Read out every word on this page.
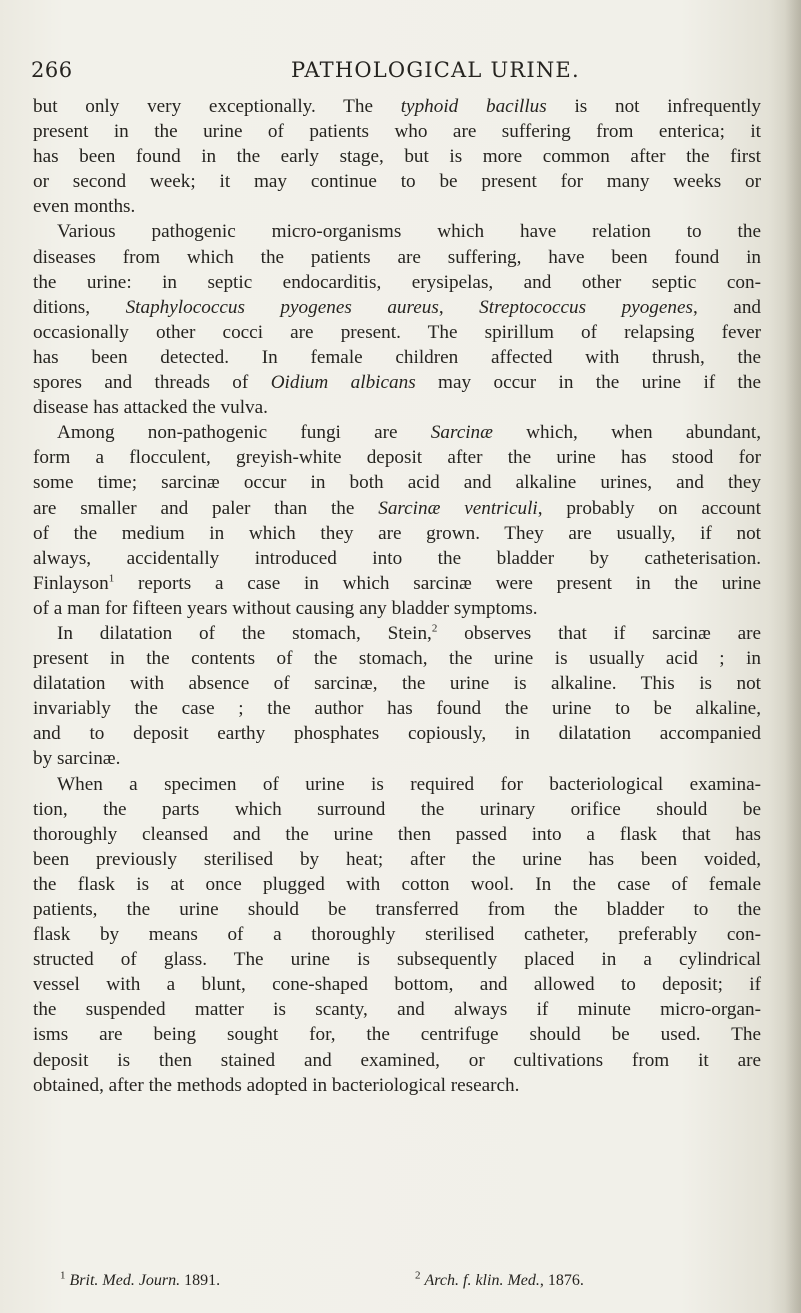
266	PATHOLOGICAL URINE.

but only very exceptionally. The typhoid bacillus is not infrequently
present in the urine of patients who are suffering from enterica; it
has been found in the early stage, but is more common after the first
or second week; it may continue to be present for many weeks or
even months.

Various pathogenic micro-organisms which have relation to the
diseases from which the patients are suffering, have been found in
the urine: in septic endocarditis, erysipelas, and other septic con-
ditions, Staphylococcus pyogenes aureus, Streptococcus pyogenes, and
occasionally other cocci are present. The spirillum of relapsing fever
has been detected. In female children affected with thrush, the
spores and threads of Oidium albicans may occur in the urine if the
disease has attacked the vulva.

Among non-pathogenic fungi are Sarcinæ which, when abundant,
form a flocculent, greyish-white deposit after the urine has stood for
some time; sarcinæ occur in both acid and alkaline urines, and they
are smaller and paler than the Sarcinæ ventriculi, probably on account
of the medium in which they are grown. They are usually, if not
always, accidentally introduced into the bladder by catheterisation.
Finlayson$^1$ reports a case in which sarcinæ were present in the urine
of a man for fifteen years without causing any bladder symptoms.

In dilatation of the stomach, Stein,$^2$ observes that if sarcinæ are
present in the contents of the stomach, the urine is usually acid ; in
dilatation with absence of sarcinæ, the urine is alkaline. This is not
invariably the case ; the author has found the urine to be alkaline,
and to deposit earthy phosphates copiously, in dilatation accompanied
by sarcinæ.

When a specimen of urine is required for bacteriological examina-
tion, the parts which surround the urinary orifice should be
thoroughly cleansed and the urine then passed into a flask that has
been previously sterilised by heat; after the urine has been voided,
the flask is at once plugged with cotton wool. In the case of female
patients, the urine should be transferred from the bladder to the
flask by means of a thoroughly sterilised catheter, preferably con-
structed of glass. The urine is subsequently placed in a cylindrical
vessel with a blunt, cone-shaped bottom, and allowed to deposit; if
the suspended matter is scanty, and always if minute micro-organ-
isms are being sought for, the centrifuge should be used. The
deposit is then stained and examined, or cultivations from it are
obtained, after the methods adopted in bacteriological research.

$^1$ Brit. Med. Journ. 1891.	$^2$ Arch. f. klin. Med., 1876.
